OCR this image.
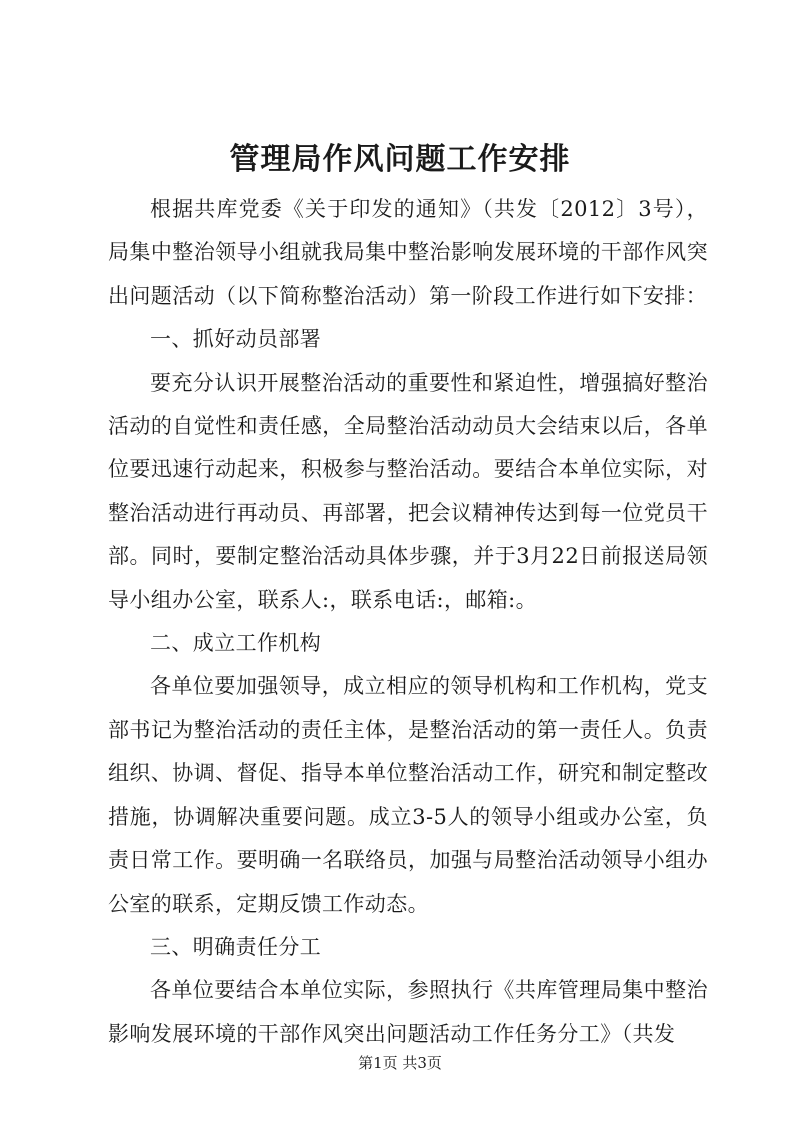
管理局作风问题工作安排

根据共库党委《关于印发的通知》（共发〔2012〕3号），局集中整治领导小组就我局集中整治影响发展环境的干部作风突出问题活动（以下简称整治活动）第一阶段工作进行如下安排：

一、抓好动员部署

要充分认识开展整治活动的重要性和紧迫性，增强搞好整治活动的自觉性和责任感，全局整治活动动员大会结束以后，各单位要迅速行动起来，积极参与整治活动。要结合本单位实际，对整治活动进行再动员、再部署，把会议精神传达到每一位党员干部。同时，要制定整治活动具体步骤，并于3月22日前报送局领导小组办公室，联系人:，联系电话:，邮箱:。

二、成立工作机构

各单位要加强领导，成立相应的领导机构和工作机构，党支部书记为整治活动的责任主体，是整治活动的第一责任人。负责组织、协调、督促、指导本单位整治活动工作，研究和制定整改措施，协调解决重要问题。成立3-5人的领导小组或办公室，负责日常工作。要明确一名联络员，加强与局整治活动领导小组办公室的联系，定期反馈工作动态。

三、明确责任分工

各单位要结合本单位实际，参照执行《共库管理局集中整治影响发展环境的干部作风突出问题活动工作任务分工》（共发

第1页 共3页
